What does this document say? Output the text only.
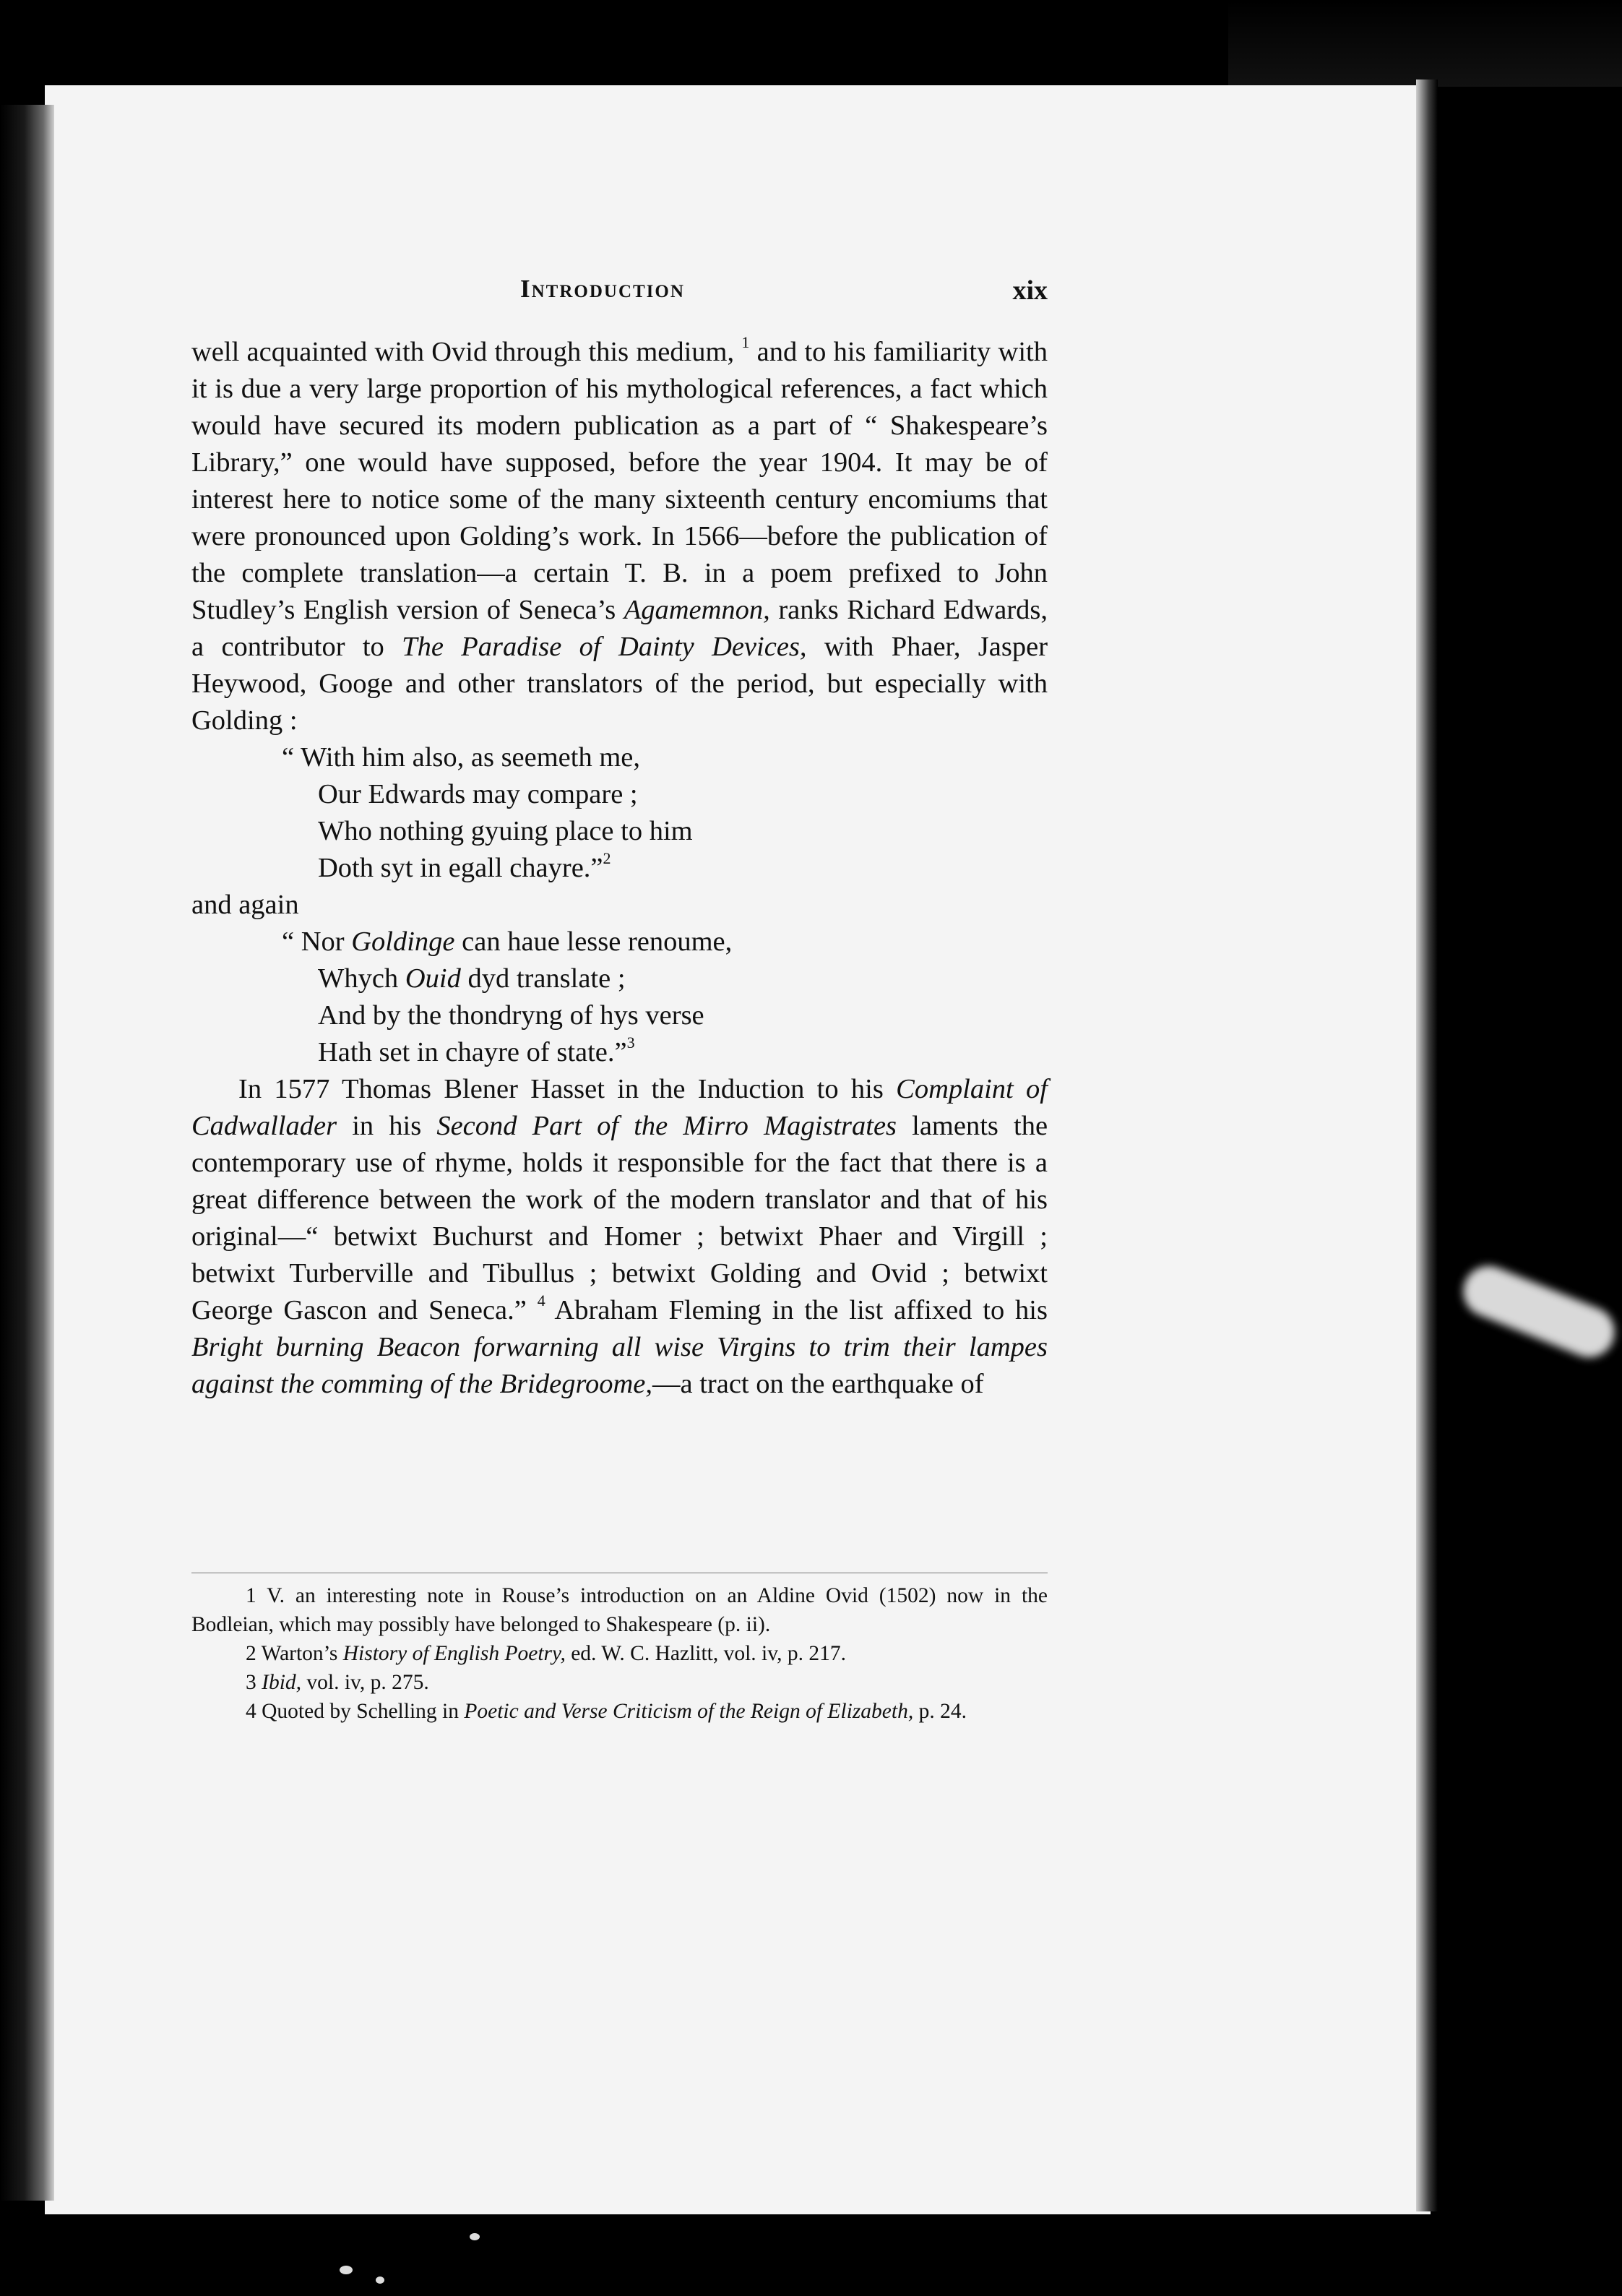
Introduction	xix

well acquainted with Ovid through this medium, $^1$ and to his familiarity with it is due a very large proportion of his mythological references, a fact which would have secured its modern publication as a part of “ Shakespeare’s Library,” one would have supposed, before the year 1904. It may be of interest here to notice some of the many sixteenth century encomiums that were pronounced upon Golding’s work. In 1566—before the publication of the complete translation—a certain T. B. in a poem prefixed to John Studley’s English version of Seneca’s Agamemnon, ranks Richard Edwards, a contributor to The Paradise of Dainty Devices, with Phaer, Jasper Heywood, Googe and other translators of the period, but especially with Golding :

“ With him also, as seemeth me,
Our Edwards may compare ;
Who nothing gyuing place to him
Doth syt in egall chayre.”$^2$
and again
“ Nor Goldinge can haue lesse renoume,
Whych Ouid dyd translate ;
And by the thondryng of hys verse
Hath set in chayre of state.”$^3$

In 1577 Thomas Blener Hasset in the Induction to his Complaint of Cadwallader in his Second Part of the Mirro Magistrates laments the contemporary use of rhyme, holds it responsible for the fact that there is a great difference between the work of the modern translator and that of his original—“ betwixt Buchurst and Homer ; betwixt Phaer and Virgill ; betwixt Turberville and Tibullus ; betwixt Golding and Ovid ; betwixt George Gascon and Seneca.” $^4$ Abraham Fleming in the list affixed to his Bright burning Beacon forwarning all wise Virgins to trim their lampes against the comming of the Bridegroome,—a tract on the earthquake of

1 V. an interesting note in Rouse’s introduction on an Aldine Ovid (1502) now in the Bodleian, which may possibly have belonged to Shakespeare (p. ii).

2 Warton’s History of English Poetry, ed. W. C. Hazlitt, vol. iv, p. 217.

3 Ibid, vol. iv, p. 275.

4 Quoted by Schelling in Poetic and Verse Criticism of the Reign of Elizabeth, p. 24.
